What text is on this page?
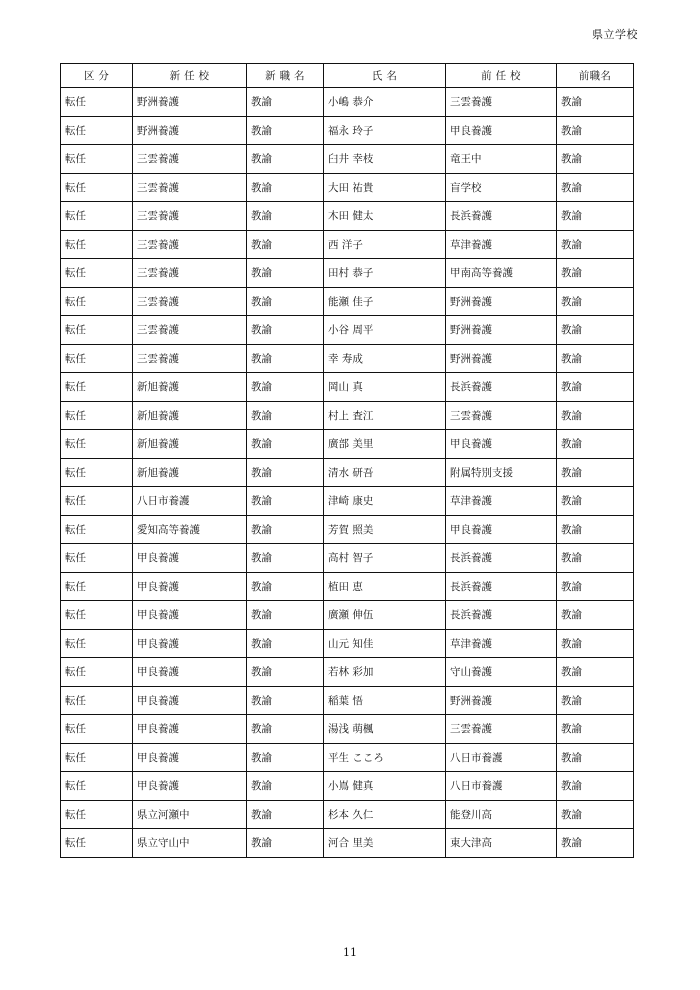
県立学校
区 分	新 任 校	新 職 名	氏 名	前 任 校	前職名
転任	野洲養護	教諭	小嶋 恭介	三雲養護	教諭
転任	野洲養護	教諭	福永 玲子	甲良養護	教諭
転任	三雲養護	教諭	臼井 幸枝	竜王中	教諭
転任	三雲養護	教諭	大田 祐貴	盲学校	教諭
転任	三雲養護	教諭	木田 健太	長浜養護	教諭
転任	三雲養護	教諭	西 洋子	草津養護	教諭
転任	三雲養護	教諭	田村 恭子	甲南高等養護	教諭
転任	三雲養護	教諭	能瀬 佳子	野洲養護	教諭
転任	三雲養護	教諭	小谷 周平	野洲養護	教諭
転任	三雲養護	教諭	幸 寿成	野洲養護	教諭
転任	新旭養護	教諭	岡山 真	長浜養護	教諭
転任	新旭養護	教諭	村上 査江	三雲養護	教諭
転任	新旭養護	教諭	廣部 美里	甲良養護	教諭
転任	新旭養護	教諭	清水 研吾	附属特別支援	教諭
転任	八日市養護	教諭	津崎 康史	草津養護	教諭
転任	愛知高等養護	教諭	芳賀 照美	甲良養護	教諭
転任	甲良養護	教諭	高村 智子	長浜養護	教諭
転任	甲良養護	教諭	植田 恵	長浜養護	教諭
転任	甲良養護	教諭	廣瀬 伸伍	長浜養護	教諭
転任	甲良養護	教諭	山元 知佳	草津養護	教諭
転任	甲良養護	教諭	若林 彩加	守山養護	教諭
転任	甲良養護	教諭	稲葉 悟	野洲養護	教諭
転任	甲良養護	教諭	湯浅 萌楓	三雲養護	教諭
転任	甲良養護	教諭	平生 こころ	八日市養護	教諭
転任	甲良養護	教諭	小嶌 健真	八日市養護	教諭
転任	県立河瀬中	教諭	杉本 久仁	能登川高	教諭
転任	県立守山中	教諭	河合 里美	東大津高	教諭
11
